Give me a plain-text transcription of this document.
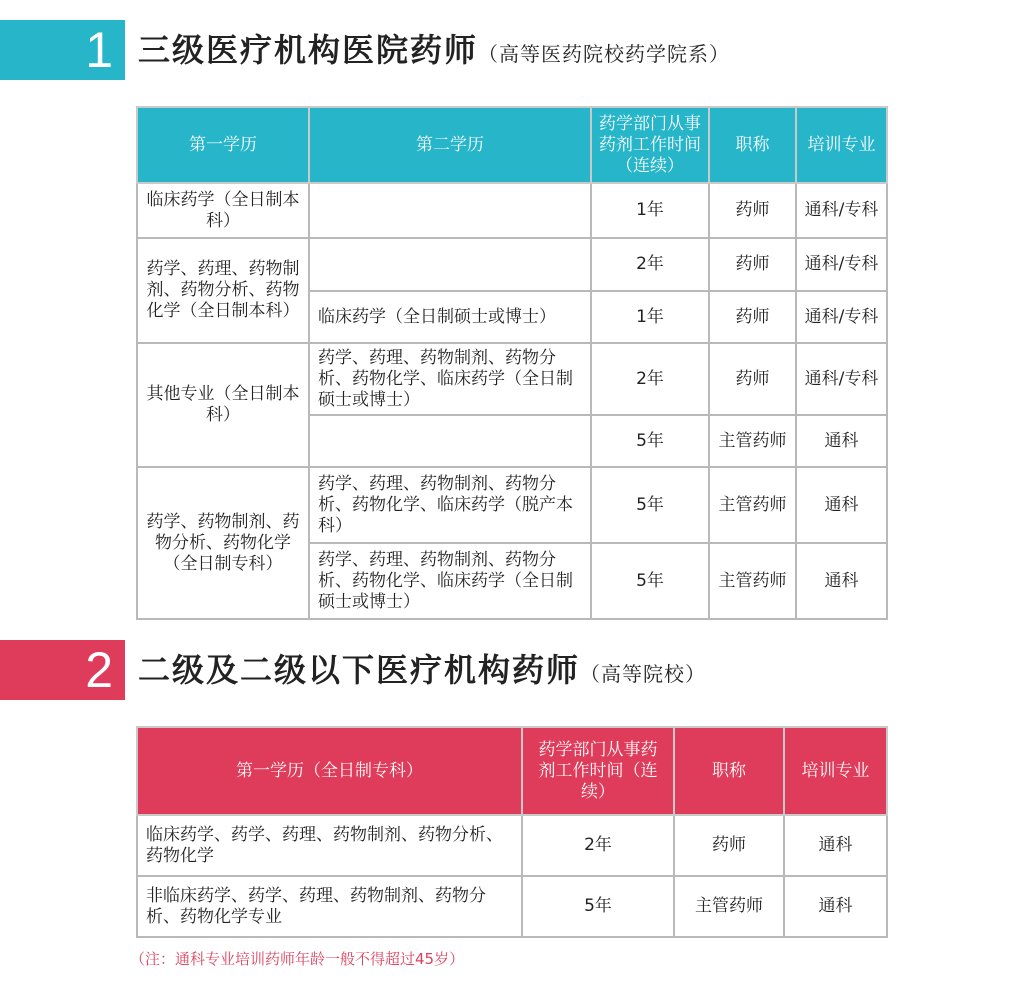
1 三级医疗机构医院药师（高等医药院校药学院系）
第一学历	第二学历	药学部门从事药剂工作时间（连续）	职称	培训专业
临床药学（全日制本科）		1年	药师	通科/专科
药学、药理、药物制剂、药物分析、药物化学（全日制本科）		2年	药师	通科/专科
	临床药学（全日制硕士或博士）	1年	药师	通科/专科
其他专业（全日制本科）	药学、药理、药物制剂、药物分析、药物化学、临床药学（全日制硕士或博士）	2年	药师	通科/专科
		5年	主管药师	通科
药学、药物制剂、药物分析、药物化学（全日制专科）	药学、药理、药物制剂、药物分析、药物化学、临床药学（脱产本科）	5年	主管药师	通科
	药学、药理、药物制剂、药物分析、药物化学、临床药学（全日制硕士或博士）	5年	主管药师	通科
2 二级及二级以下医疗机构药师（高等院校）
第一学历（全日制专科）	药学部门从事药剂工作时间（连续）	职称	培训专业
临床药学、药学、药理、药物制剂、药物分析、药物化学	2年	药师	通科
非临床药学、药学、药理、药物制剂、药物分析、药物化学专业	5年	主管药师	通科
（注：通科专业培训药师年龄一般不得超过45岁）
